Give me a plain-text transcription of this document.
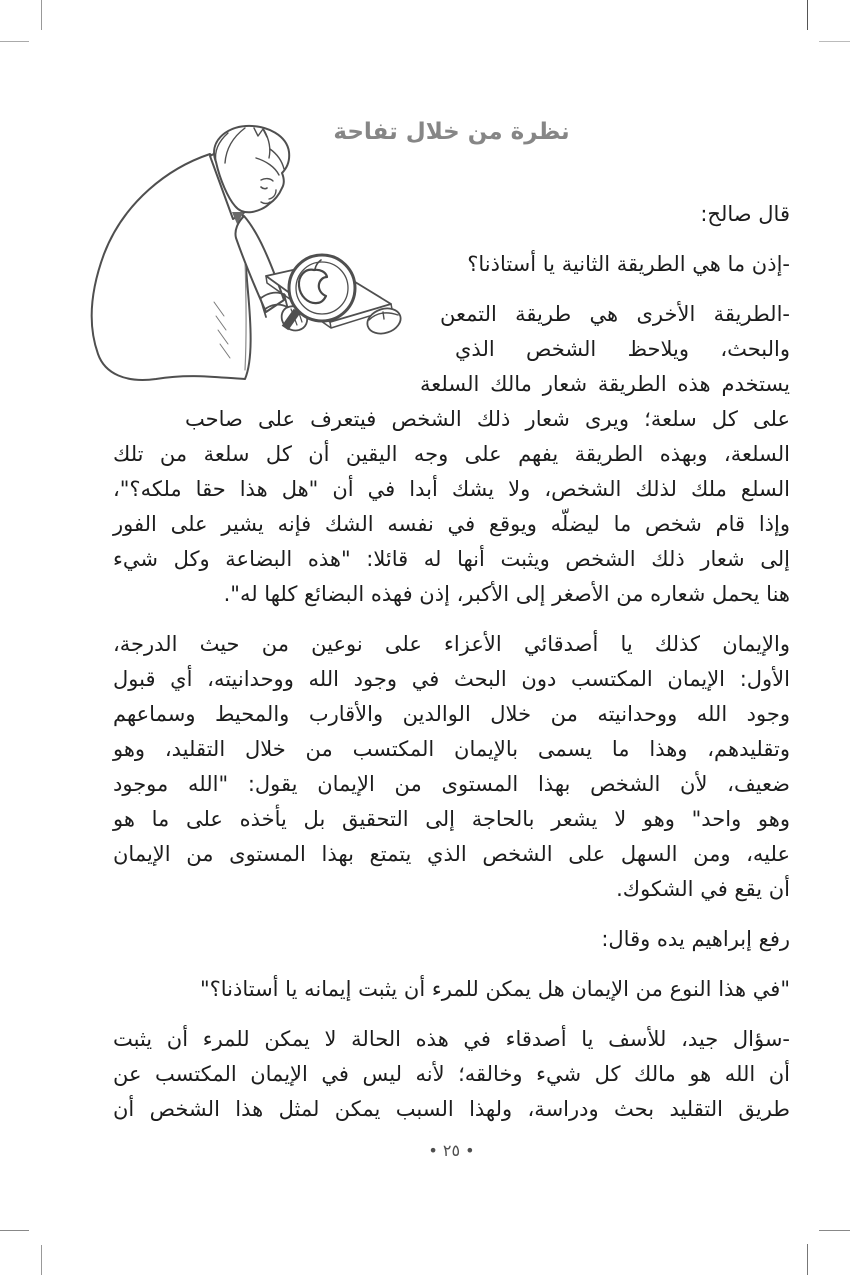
نظرة من خلال تفاحة
قال صالح:
-إذن ما هي الطريقة الثانية يا أستاذنا؟
-الطريقة الأخرى هي طريقة التمعن
والبحث، ويلاحظ الشخص الذي
يستخدم هذه الطريقة شعار مالك السلعة
على كل سلعة؛ ويرى شعار ذلك الشخص فيتعرف على صاحب
السلعة، وبهذه الطريقة يفهم على وجه اليقين أن كل سلعة من تلك
السلع ملك لذلك الشخص، ولا يشك أبدا في أن "هل هذا حقا ملكه؟"،
وإذا قام شخص ما ليضلّه ويوقع في نفسه الشك فإنه يشير على الفور
إلى شعار ذلك الشخص ويثبت أنها له قائلا: "هذه البضاعة وكل شيء
هنا يحمل شعاره من الأصغر إلى الأكبر، إذن فهذه البضائع كلها له".
والإيمان كذلك يا أصدقائي الأعزاء على نوعين من حيث الدرجة،
الأول: الإيمان المكتسب دون البحث في وجود الله ووحدانيته، أي قبول
وجود الله ووحدانيته من خلال الوالدين والأقارب والمحيط وسماعهم
وتقليدهم، وهذا ما يسمى بالإيمان المكتسب من خلال التقليد، وهو
ضعيف، لأن الشخص بهذا المستوى من الإيمان يقول: "الله موجود
وهو واحد" وهو لا يشعر بالحاجة إلى التحقيق بل يأخذه على ما هو
عليه، ومن السهل على الشخص الذي يتمتع بهذا المستوى من الإيمان
أن يقع في الشكوك.
رفع إبراهيم يده وقال:
"في هذا النوع من الإيمان هل يمكن للمرء أن يثبت إيمانه يا أستاذنا؟"
-سؤال جيد، للأسف يا أصدقاء في هذه الحالة لا يمكن للمرء أن يثبت
أن الله هو مالك كل شيء وخالقه؛ لأنه ليس في الإيمان المكتسب عن
طريق التقليد بحث ودراسة، ولهذا السبب يمكن لمثل هذا الشخص أن
• ٢٥ •
